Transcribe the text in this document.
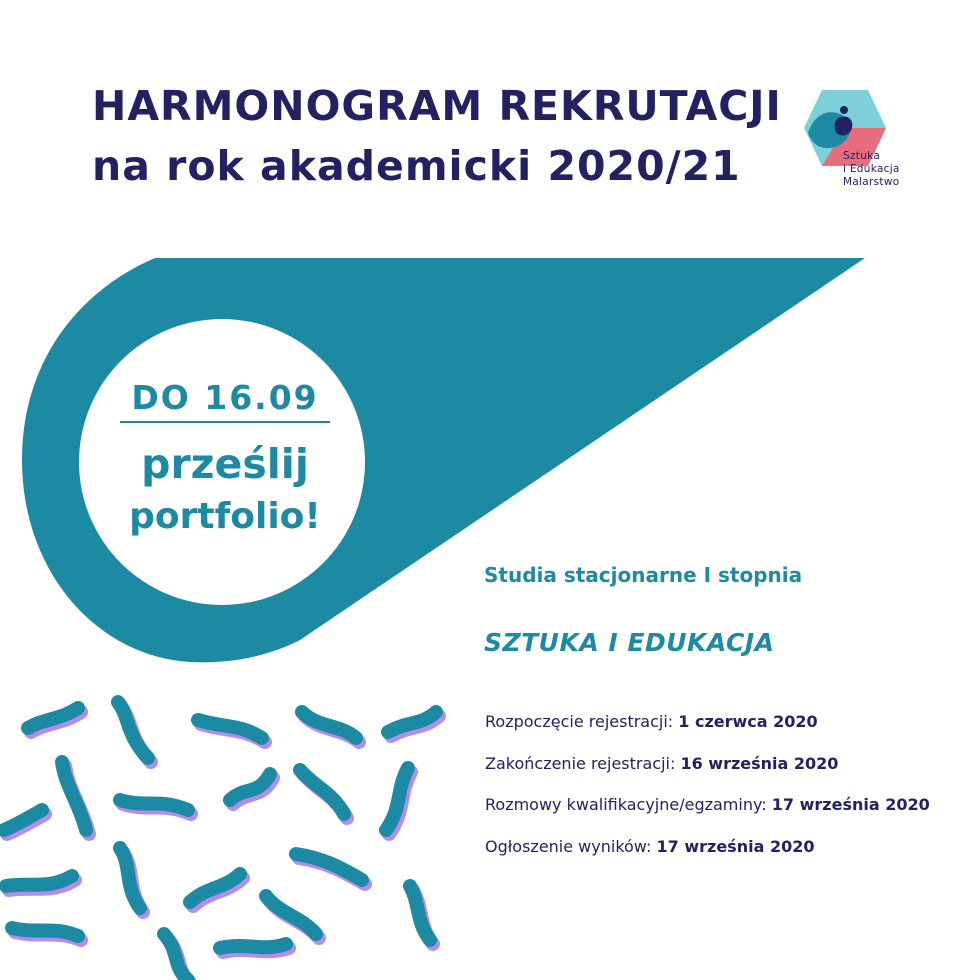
HARMONOGRAM REKRUTACJI
na rok akademicki 2020/21	Sztuka
i Edukacja
Malarstwo
DO 16.09
prześlij
portfolio!
Studia stacjonarne I stopnia
SZTUKA I EDUKACJA
Rozpoczęcie rejestracji: 1 czerwca 2020
Zakończenie rejestracji: 16 września 2020
Rozmowy kwalifikacyjne/egzaminy: 17 września 2020
Ogłoszenie wyników: 17 września 2020
